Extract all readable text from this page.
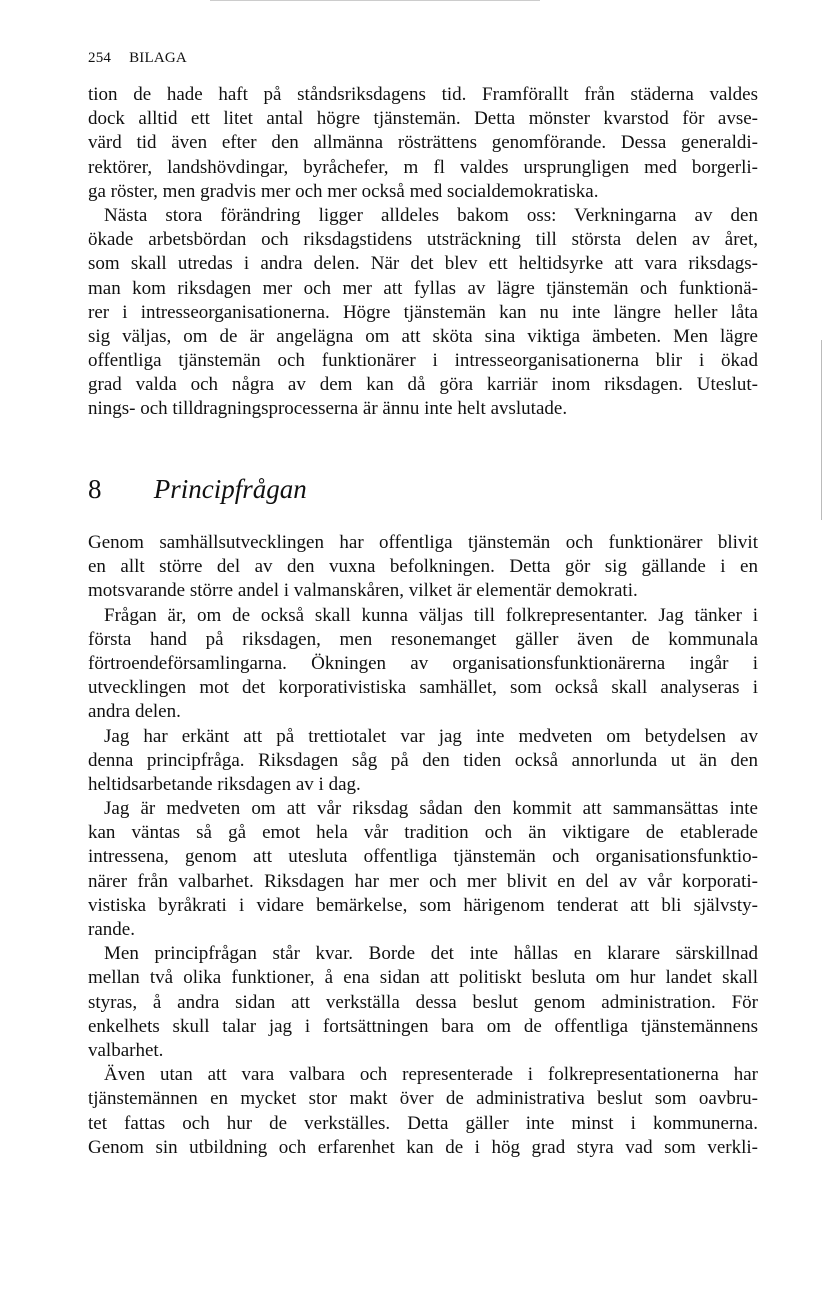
254 BILAGA
tion de hade haft på ståndsriksdagens tid. Framförallt från städerna valdes
dock alltid ett litet antal högre tjänstemän. Detta mönster kvarstod för avse-
värd tid även efter den allmänna rösträttens genomförande. Dessa generaldi-
rektörer, landshövdingar, byråchefer, m fl valdes ursprungligen med borgerli-
ga röster, men gradvis mer och mer också med socialdemokratiska.
Nästa stora förändring ligger alldeles bakom oss: Verkningarna av den
ökade arbetsbördan och riksdagstidens utsträckning till största delen av året,
som skall utredas i andra delen. När det blev ett heltidsyrke att vara riksdags-
man kom riksdagen mer och mer att fyllas av lägre tjänstemän och funktionä-
rer i intresseorganisationerna. Högre tjänstemän kan nu inte längre heller låta
sig väljas, om de är angelägna om att sköta sina viktiga ämbeten. Men lägre
offentliga tjänstemän och funktionärer i intresseorganisationerna blir i ökad
grad valda och några av dem kan då göra karriär inom riksdagen. Uteslut-
nings- och tilldragningsprocesserna är ännu inte helt avslutade.
8 Principfrågan
Genom samhällsutvecklingen har offentliga tjänstemän och funktionärer blivit
en allt större del av den vuxna befolkningen. Detta gör sig gällande i en
motsvarande större andel i valmanskåren, vilket är elementär demokrati.
Frågan är, om de också skall kunna väljas till folkrepresentanter. Jag tänker i
första hand på riksdagen, men resonemanget gäller även de kommunala
förtroendeförsamlingarna. Ökningen av organisationsfunktionärerna ingår i
utvecklingen mot det korporativistiska samhället, som också skall analyseras i
andra delen.
Jag har erkänt att på trettiotalet var jag inte medveten om betydelsen av
denna principfråga. Riksdagen såg på den tiden också annorlunda ut än den
heltidsarbetande riksdagen av i dag.
Jag är medveten om att vår riksdag sådan den kommit att sammansättas inte
kan väntas så gå emot hela vår tradition och än viktigare de etablerade
intressena, genom att utesluta offentliga tjänstemän och organisationsfunktio-
närer från valbarhet. Riksdagen har mer och mer blivit en del av vår korporati-
vistiska byråkrati i vidare bemärkelse, som härigenom tenderat att bli självsty-
rande.
Men principfrågan står kvar. Borde det inte hållas en klarare särskillnad
mellan två olika funktioner, å ena sidan att politiskt besluta om hur landet skall
styras, å andra sidan att verkställa dessa beslut genom administration. För
enkelhets skull talar jag i fortsättningen bara om de offentliga tjänstemännens
valbarhet.
Även utan att vara valbara och representerade i folkrepresentationerna har
tjänstemännen en mycket stor makt över de administrativa beslut som oavbru-
tet fattas och hur de verkställes. Detta gäller inte minst i kommunerna.
Genom sin utbildning och erfarenhet kan de i hög grad styra vad som verkli-
